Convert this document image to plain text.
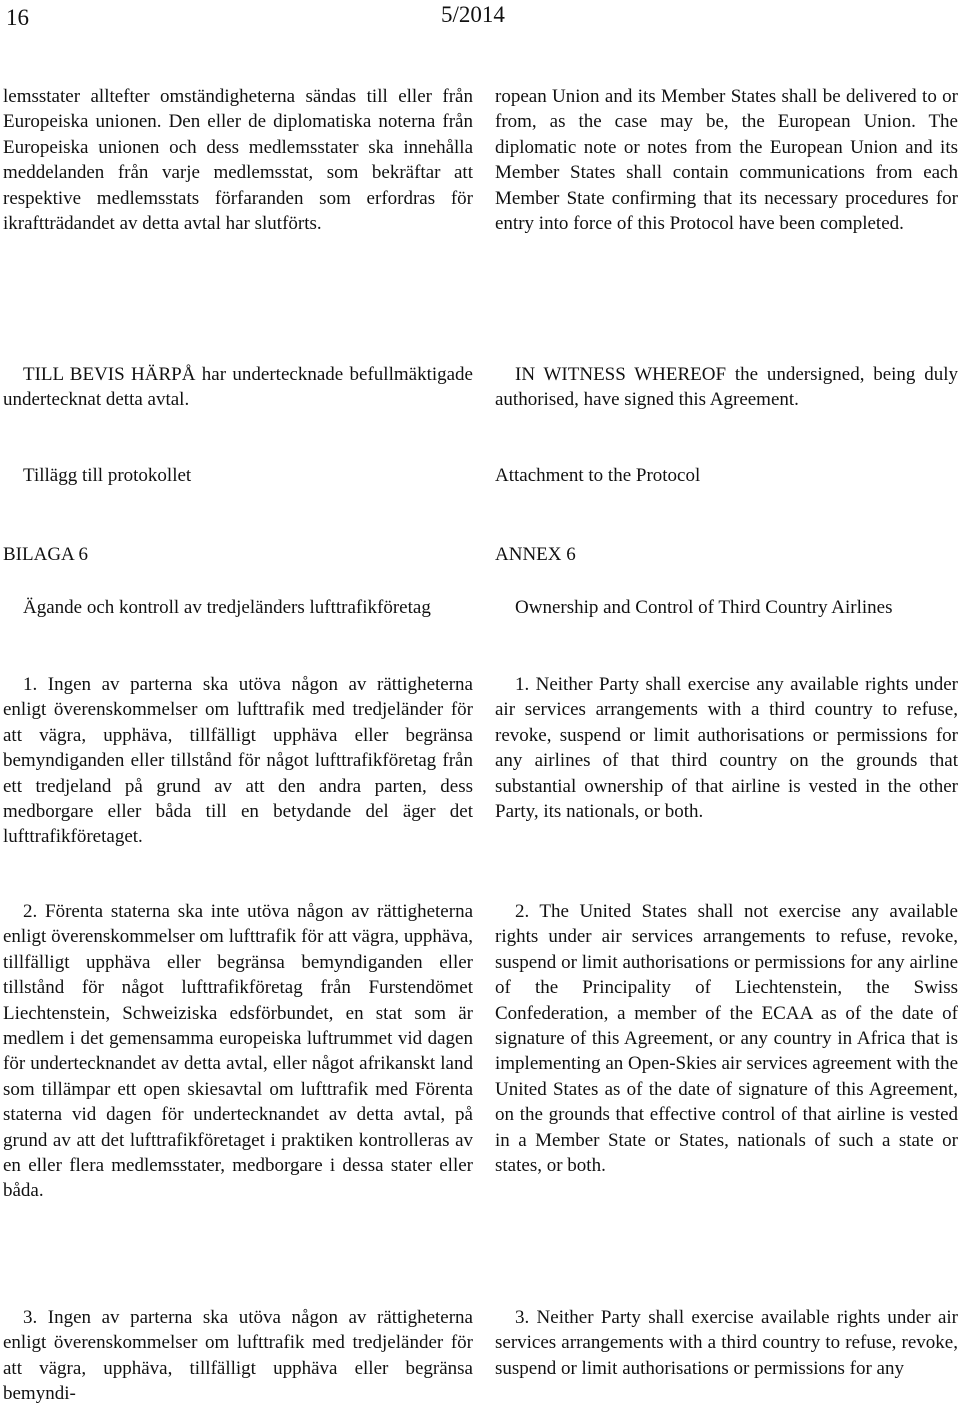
16	5/2014

lemsstater alltefter omständigheterna sändas till eller från Europeiska unionen. Den eller de diplomatiska noterna från Europeiska unionen och dess medlemsstater ska innehålla meddelanden från varje medlemsstat, som bekräftar att respektive medlemsstats förfaranden som erfordras för ikraftträdandet av detta avtal har slutförts.

TILL BEVIS HÄRPÅ har undertecknade befullmäktigade undertecknat detta avtal.

Tillägg till protokollet

BILAGA 6

Ägande och kontroll av tredjeländers lufttrafikföretag

1. Ingen av parterna ska utöva någon av rättigheterna enligt överenskommelser om lufttrafik med tredjeländer för att vägra, upphäva, tillfälligt upphäva eller begränsa bemyndiganden eller tillstånd för något lufttrafikföretag från ett tredjeland på grund av att den andra parten, dess medborgare eller båda till en betydande del äger det lufttrafikföretaget.

2. Förenta staterna ska inte utöva någon av rättigheterna enligt överenskommelser om lufttrafik för att vägra, upphäva, tillfälligt upphäva eller begränsa bemyndiganden eller tillstånd för något lufttrafikföretag från Furstendömet Liechtenstein, Schweiziska edsförbundet, en stat som är medlem i det gemensamma europeiska luftrummet vid dagen för undertecknandet av detta avtal, eller något afrikanskt land som tillämpar ett open skiesavtal om lufttrafik med Förenta staterna vid dagen för undertecknandet av detta avtal, på grund av att det lufttrafikföretaget i praktiken kontrolleras av en eller flera medlemsstater, medborgare i dessa stater eller båda.

3. Ingen av parterna ska utöva någon av rättigheterna enligt överenskommelser om lufttrafik med tredjeländer för att vägra, upphäva, tillfälligt upphäva eller begränsa bemyndi-

ropean Union and its Member States shall be delivered to or from, as the case may be, the European Union. The diplomatic note or notes from the European Union and its Member States shall contain communications from each Member State confirming that its necessary procedures for entry into force of this Protocol have been completed.

IN WITNESS WHEREOF the undersigned, being duly authorised, have signed this Agreement.

Attachment to the Protocol

ANNEX 6

Ownership and Control of Third Country Airlines

1. Neither Party shall exercise any available rights under air services arrangements with a third country to refuse, revoke, suspend or limit authorisations or permissions for any airlines of that third country on the grounds that substantial ownership of that airline is vested in the other Party, its nationals, or both.

2. The United States shall not exercise any available rights under air services arrangements to refuse, revoke, suspend or limit authorisations or permissions for any airline of the Principality of Liechtenstein, the Swiss Confederation, a member of the ECAA as of the date of signature of this Agreement, or any country in Africa that is implementing an Open-Skies air services agreement with the United States as of the date of signature of this Agreement, on the grounds that effective control of that airline is vested in a Member State or States, nationals of such a state or states, or both.

3. Neither Party shall exercise available rights under air services arrangements with a third country to refuse, revoke, suspend or limit authorisations or permissions for any
